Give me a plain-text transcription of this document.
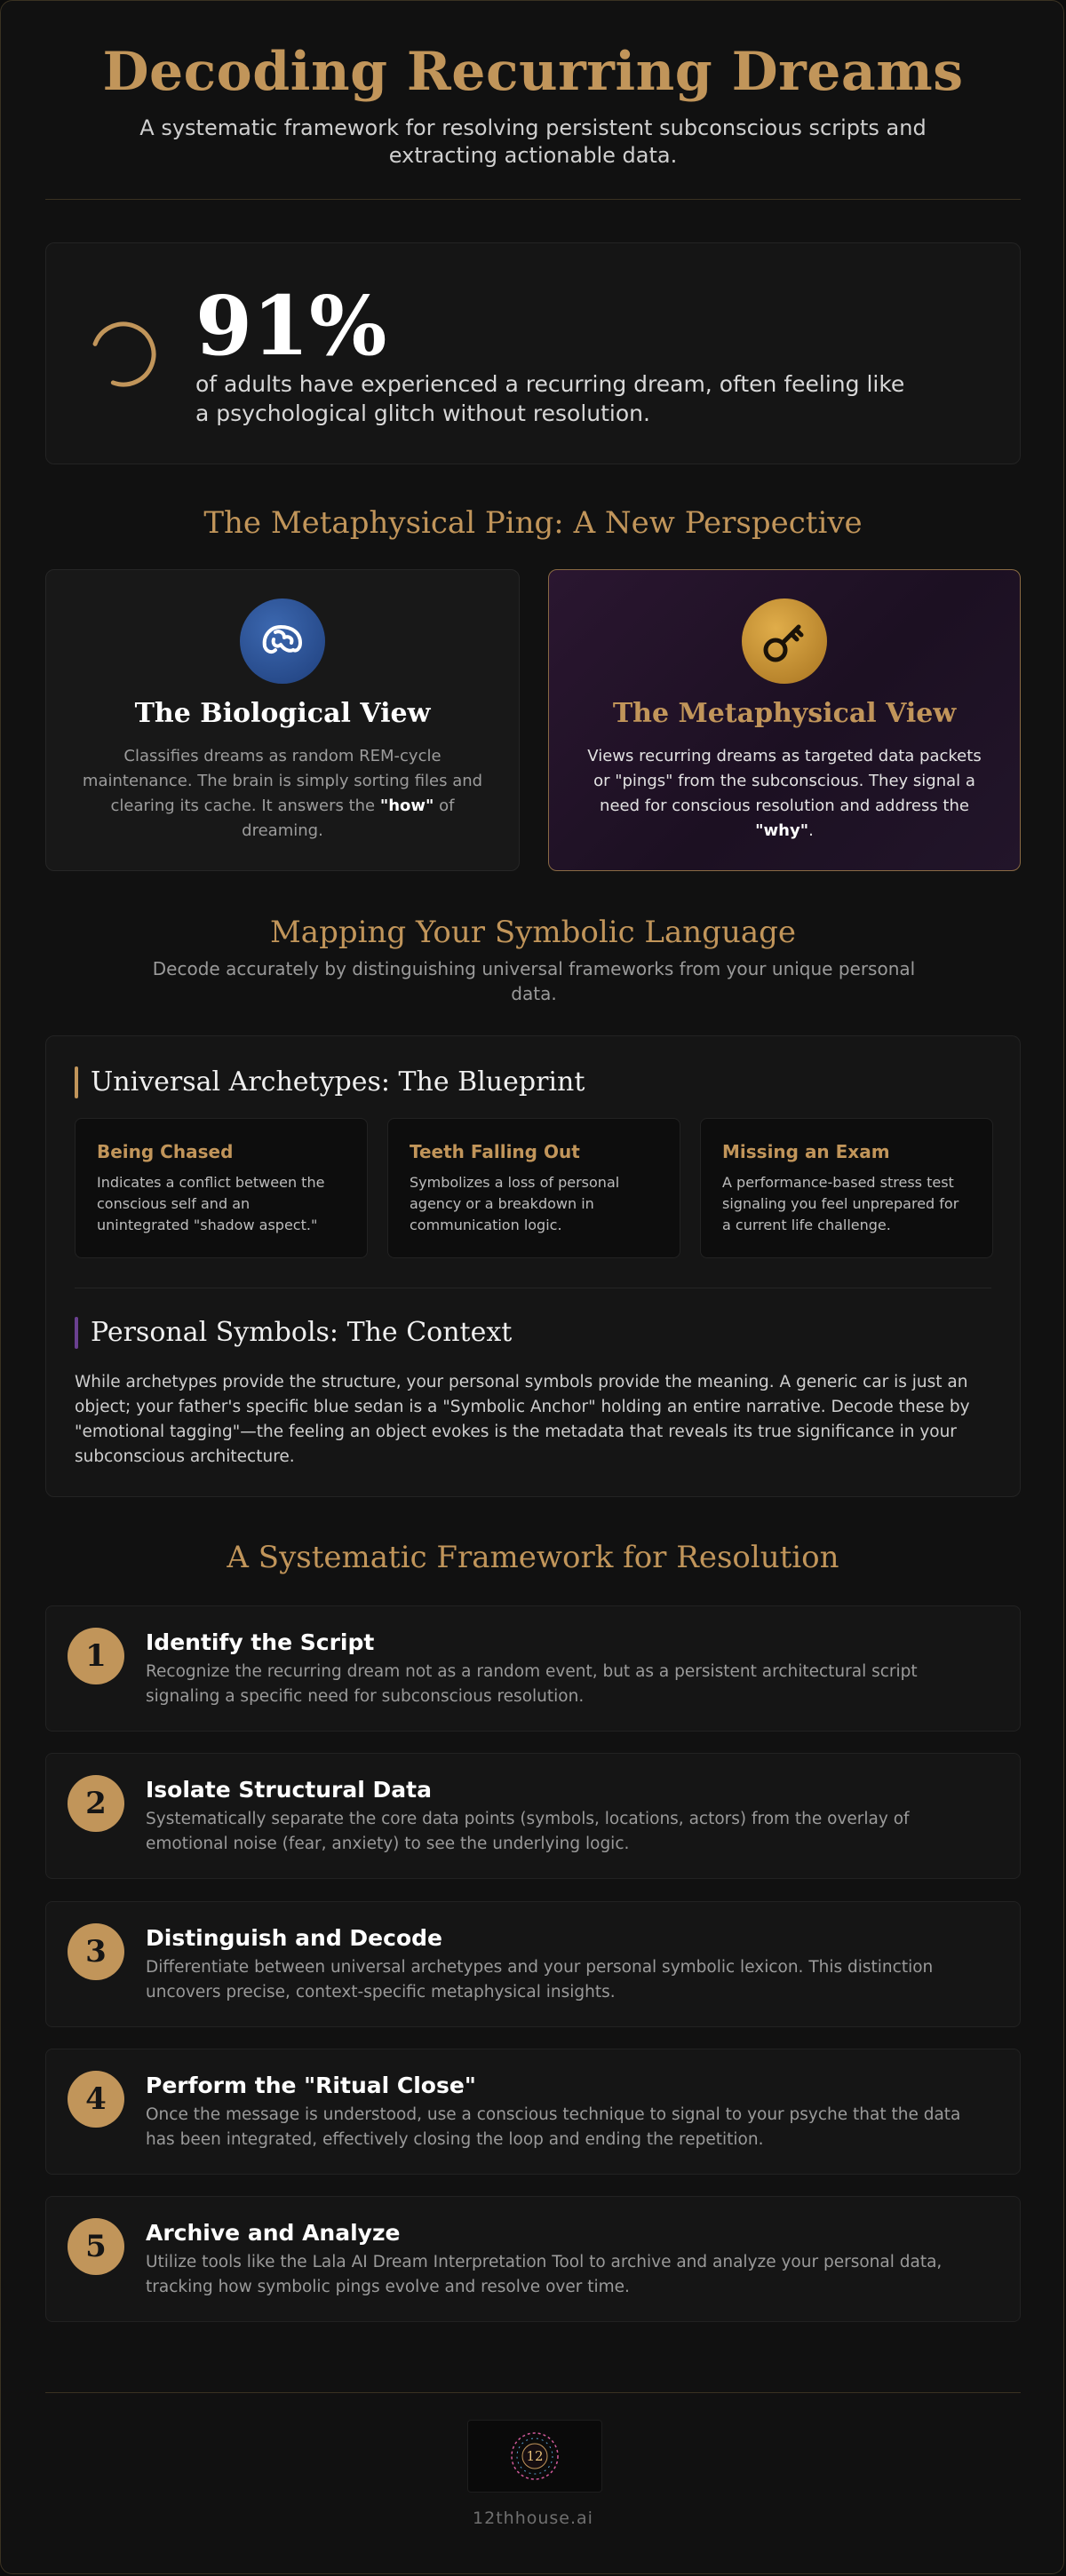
Decoding Recurring Dreams

A systematic framework for resolving persistent subconscious scripts and extracting actionable data.

91%
of adults have experienced a recurring dream, often feeling like a psychological glitch without resolution.
The Metaphysical Ping: A New Perspective
The Biological View
Classifies dreams as random REM-cycle maintenance. The brain is simply sorting files and clearing its cache. It answers the "how" of dreaming.
The Metaphysical View
Views recurring dreams as targeted data packets or "pings" from the subconscious. They signal a need for conscious resolution and address the "why".
Mapping Your Symbolic Language
Decode accurately by distinguishing universal frameworks from your unique personal data.
Universal Archetypes: The Blueprint
Being Chased

Indicates a conflict between the conscious self and an unintegrated "shadow aspect."

Teeth Falling Out

Symbolizes a loss of personal agency or a breakdown in communication logic.

Missing an Exam

A performance-based stress test signaling you feel unprepared for a current life challenge.

Personal Symbols: The Context
While archetypes provide the structure, your personal symbols provide the meaning. A generic car is just an object; your father's specific blue sedan is a "Symbolic Anchor" holding an entire narrative. Decode these by "emotional tagging"—the feeling an object evokes is the metadata that reveals its true significance in your subconscious architecture.
A Systematic Framework for Resolution
1	Identify the Script

Recognize the recurring dream not as a random event, but as a persistent architectural script signaling a specific need for subconscious resolution.

2	Isolate Structural Data

Systematically separate the core data points (symbols, locations, actors) from the overlay of emotional noise (fear, anxiety) to see the underlying logic.

3	Distinguish and Decode

Differentiate between universal archetypes and your personal symbolic lexicon. This distinction uncovers precise, context-specific metaphysical insights.

4	Perform the "Ritual Close"

Once the message is understood, use a conscious technique to signal to your psyche that the data has been integrated, effectively closing the loop and ending the repetition.

5	Archive and Analyze

Utilize tools like the Lala AI Dream Interpretation Tool to archive and analyze your personal data, tracking how symbolic pings evolve and resolve over time.

12
12thhouse.ai
